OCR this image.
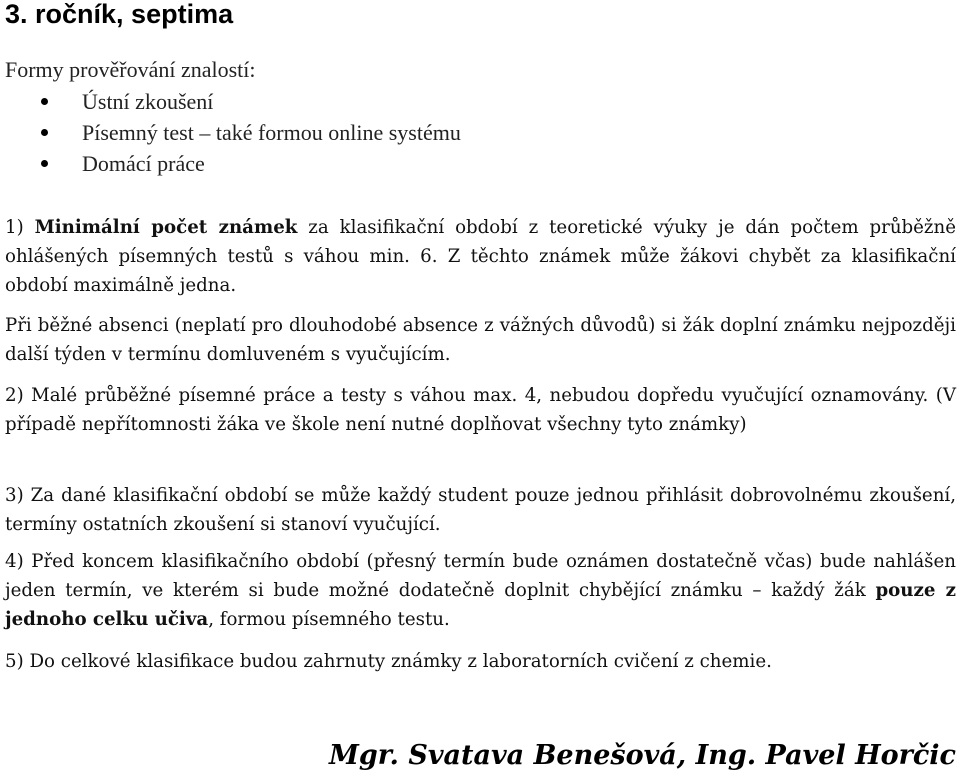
3. ročník, septima

Formy prověřování znalostí:

Ústní zkoušení
Písemný test – také formou online systému
Domácí práce

1) Minimální počet známek za klasifikační období z teoretické výuky je dán počtem průběžně ohlášených písemných testů s váhou min. 6. Z těchto známek může žákovi chybět za klasifikační období maximálně jedna.

Při běžné absenci (neplatí pro dlouhodobé absence z vážných důvodů) si žák doplní známku nejpozději další týden v termínu domluveném s vyučujícím.

2) Malé průběžné písemné práce a testy s váhou max. 4, nebudou dopředu vyučující oznamovány. (V případě nepřítomnosti žáka ve škole není nutné doplňovat všechny tyto známky)

3) Za dané klasifikační období se může každý student pouze jednou přihlásit dobrovolnému zkoušení, termíny ostatních zkoušení si stanoví vyučující.

4) Před koncem klasifikačního období (přesný termín bude oznámen dostatečně včas) bude nahlášen jeden termín, ve kterém si bude možné dodatečně doplnit chybějící známku – každý žák pouze z jednoho celku učiva, formou písemného testu.

5) Do celkové klasifikace budou zahrnuty známky z laboratorních cvičení z chemie.

Mgr. Svatava Benešová, Ing. Pavel Horčic
